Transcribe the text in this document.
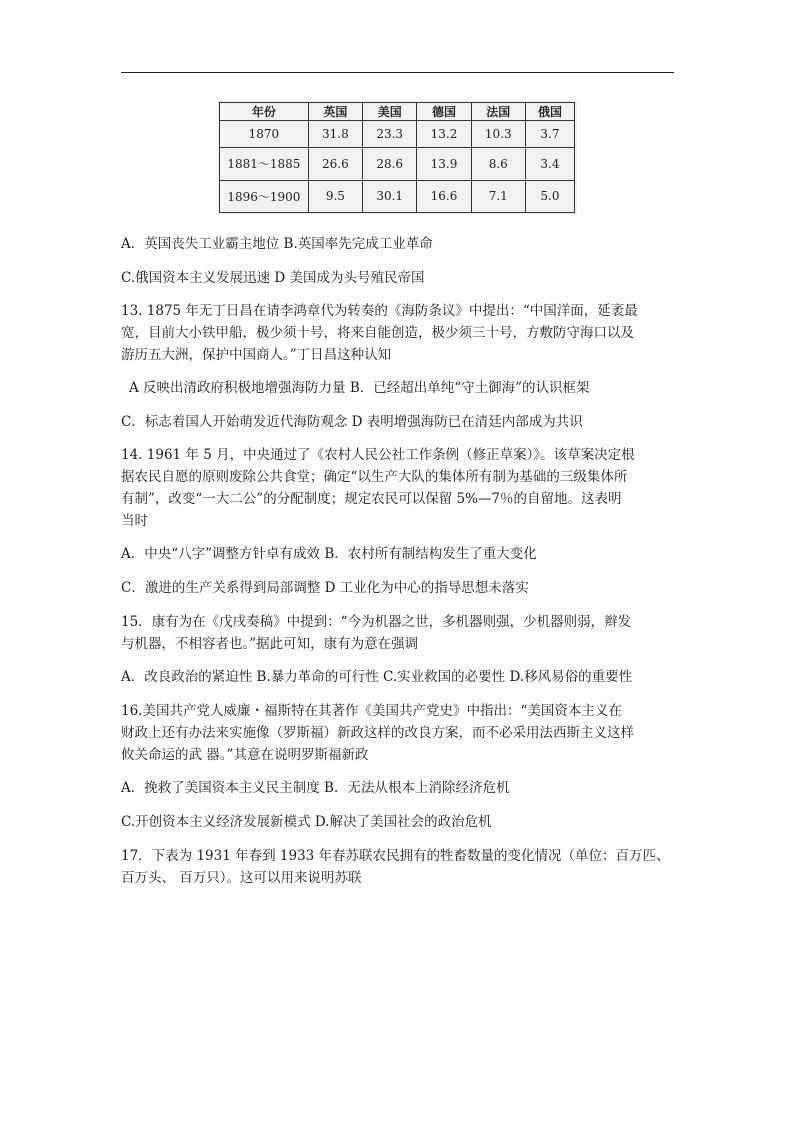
年份	英国	美国	德国	法国	俄国
1870	31.8	23.3	13.2	10.3	3.7
1881～1885	26.6	28.6	13.9	8.6	3.4
1896～1900	9.5	30.1	16.6	7.1	5.0

A．英国丧失工业霸主地位 B.英国率先完成工业革命

C.俄国资本主义发展迅速 D 美国成为头号殖民帝国

13. 1875 年无丁日昌在请李鸿章代为转奏的《海防条议》中提出：“中国洋面，延袤最

宽，目前大小铁甲船，极少须十号，将来自能创造，极少须三十号，方敷防守海口以及

游历五大洲，保护中国商人。”丁日昌这种认知

A 反映出清政府积极地增强海防力量 B．已经超出单纯“守土御海”的认识框架

C．标志着国人开始萌发近代海防观念 D 表明增强海防已在清廷内部成为共识

14. 1961 年 5 月，中央通过了《农村人民公社工作条例（修正草案）》。该草案决定根

据农民自愿的原则废除公共食堂；确定“以生产大队的集体所有制为基础的三级集体所

有制”，改变“一大二公”的分配制度；规定农民可以保留 5%—7％的自留地。这表明

当时

A．中央“八字”调整方针卓有成效 B．农村所有制结构发生了重大变化

C．激进的生产关系得到局部调整 D 工业化为中心的指导思想未落实

15．康有为在《戊戌奏稿》中提到：“今为机器之世，多机器则强，少机器则弱，辫发

与机器，不相容者也。”据此可知，康有为意在强调

A．改良政治的紧迫性 B.暴力革命的可行性 C.实业救国的必要性 D.移风易俗的重要性

16.美国共产党人威廉・福斯特在其著作《美国共产党史》中指出：“美国资本主义在

财政上还有办法来实施像（罗斯福）新政这样的改良方案，而不必采用法西斯主义这样

攸关命运的武 器。”其意在说明罗斯福新政

A．挽救了美国资本主义民主制度 B．无法从根本上消除经济危机

C.开创资本主义经济发展新模式 D.解决了美国社会的政治危机

17．下表为 1931 年春到 1933 年春苏联农民拥有的牲畜数量的变化情况（单位：百万匹、

百万头、 百万只）。这可以用来说明苏联
